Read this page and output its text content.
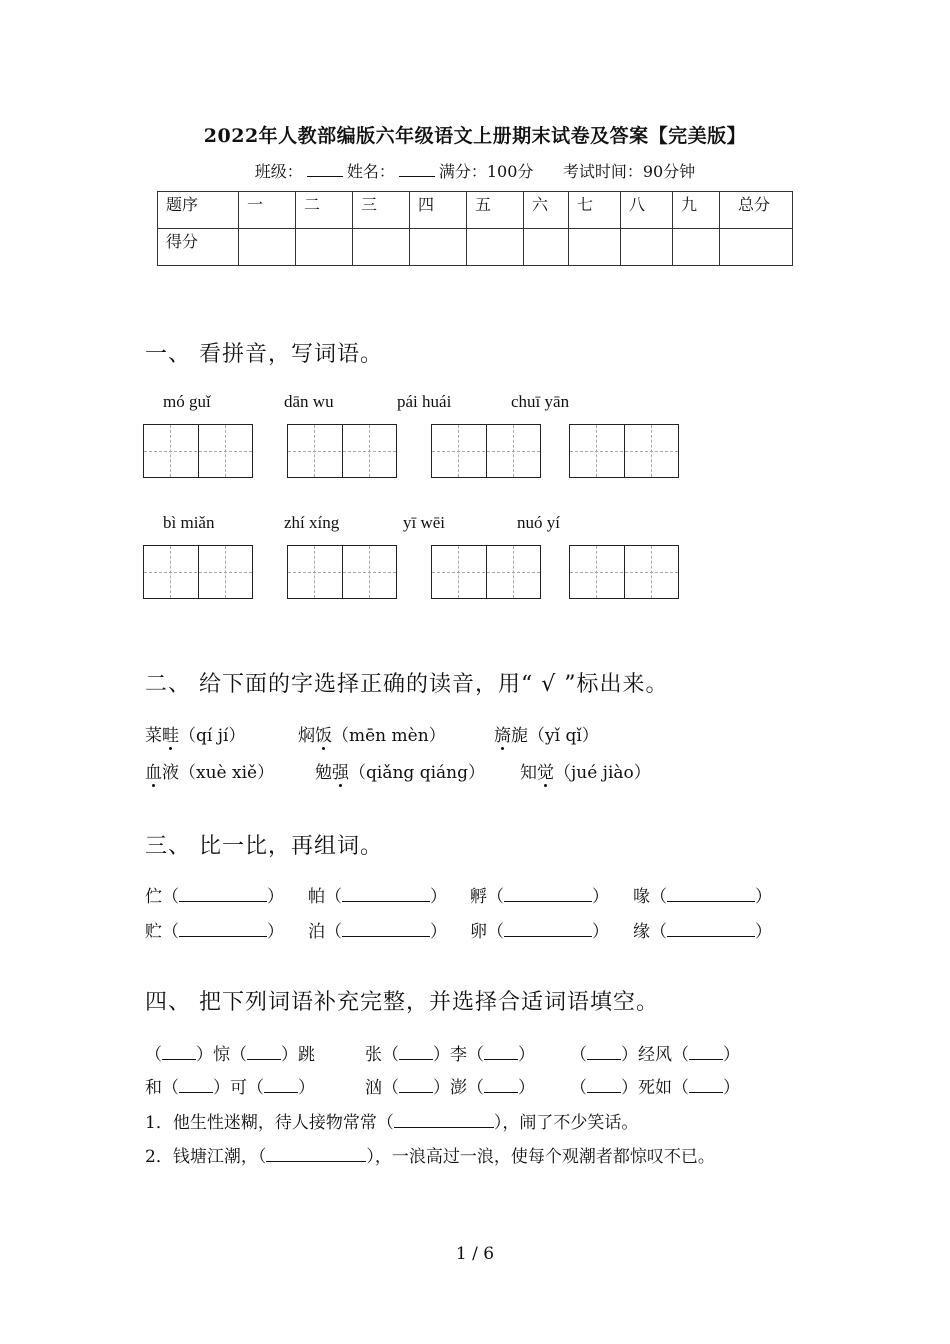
2022年人教部编版六年级语文上册期末试卷及答案【完美版】
班级：	姓名：	满分：100分 考试时间：90分钟
题序	一	二	三	四	五	六	七	八	九	总分
得分										
一、 看拼音，写词语。
mó guǐ	dān wu	pái huái	chuī yān
bì miǎn	zhí xíng	yī wēi	nuó yí
二、 给下面的字选择正确的读音，用“ √ ”标出来。
菜畦（qí jí）	焖饭（mēn mèn）	旖旎（yǐ qǐ）
血液（xuè xiě） 勉强（qiǎng qiáng） 知觉（jué jiào）
三、 比一比，再组词。
伫（	） 帕（	） 孵（	） 喙（	）
贮（	） 泊（	） 卵（	） 缘（	）
四、 把下列词语补充完整，并选择合适词语填空。
（ ）惊（ ）跳	张（ ）李（ ） （ ）经风（ ）
和（ ）可（ ）	汹（ ）澎（ ） （ ）死如（ ）
1．他生性迷糊，待人接物常常（	），闹了不少笑话。
2．钱塘江潮，（	），一浪高过一浪，使每个观潮者都惊叹不已。
1 / 6
